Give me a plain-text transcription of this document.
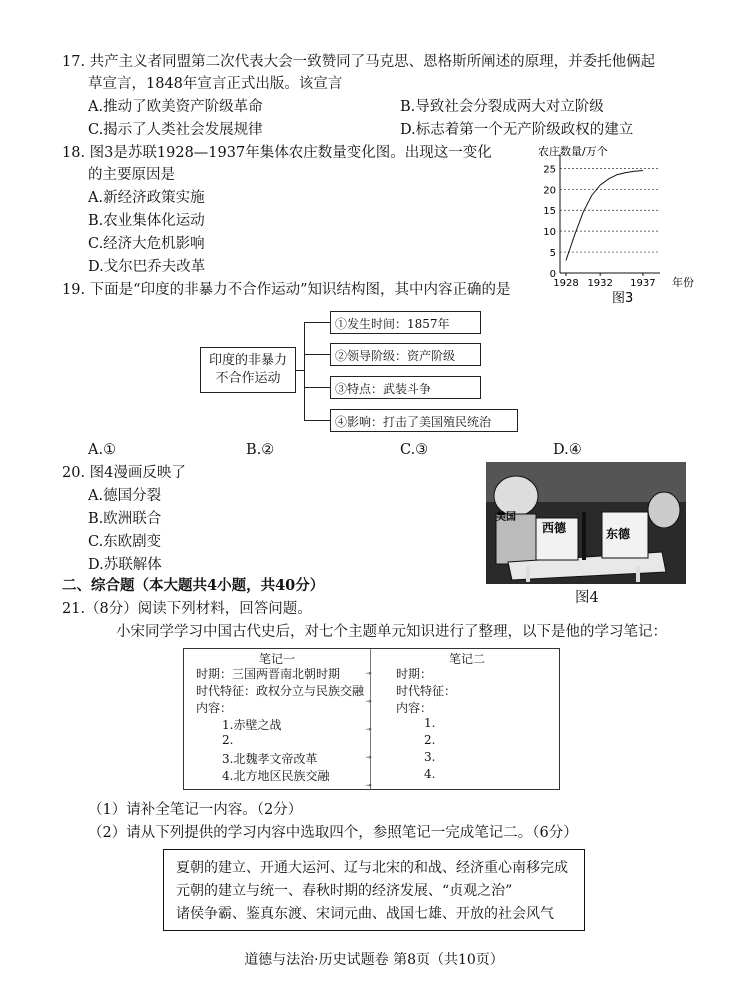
17. 共产主义者同盟第二次代表大会一致赞同了马克思、恩格斯所阐述的原理，并委托他俩起
草宣言，1848年宣言正式出版。该宣言
A.推动了欧美资产阶级革命	B.导致社会分裂成两大对立阶级
C.揭示了人类社会发展规律	D.标志着第一个无产阶级政权的建立
18. 图3是苏联1928—1937年集体农庄数量变化图。出现这一变化
的主要原因是
A.新经济政策实施
B.农业集体化运动
C.经济大危机影响
D.戈尔巴乔夫改革
农庄数量/万个
年份
图3
0
5
10
15
20
25
1928 1932 1937
19. 下面是“印度的非暴力不合作运动”知识结构图，其中内容正确的是
印度的非暴力
不合作运动
①发生时间：1857年
②领导阶级：资产阶级
③特点：武装斗争
④影响：打击了美国殖民统治
A.①	B.②	C.③	D.④
20. 图4漫画反映了
A.德国分裂
B.欧洲联合
C.东欧剧变
D.苏联解体
美国
西德	东德
图4
二、综合题（本大题共4小题，共40分）
21.（8分）阅读下列材料，回答问题。
小宋同学学习中国古代史后，对七个主题单元知识进行了整理，以下是他的学习笔记：
⊸

⊸

⊸

⊸

⊸
笔记一
时期：三国两晋南北朝时期
时代特征：政权分立与民族交融
内容：
1.赤壁之战
2.
3.北魏孝文帝改革
4.北方地区民族交融
笔记二
时期：
时代特征：
内容：
1.
2.
3.
4.
（1）请补全笔记一内容。（2分）
（2）请从下列提供的学习内容中选取四个，参照笔记一完成笔记二。（6分）
夏朝的建立、开通大运河、辽与北宋的和战、经济重心南移完成
元朝的建立与统一、春秋时期的经济发展、“贞观之治”
诸侯争霸、鉴真东渡、宋词元曲、战国七雄、开放的社会风气
道德与法治·历史试题卷 第8页（共10页）
